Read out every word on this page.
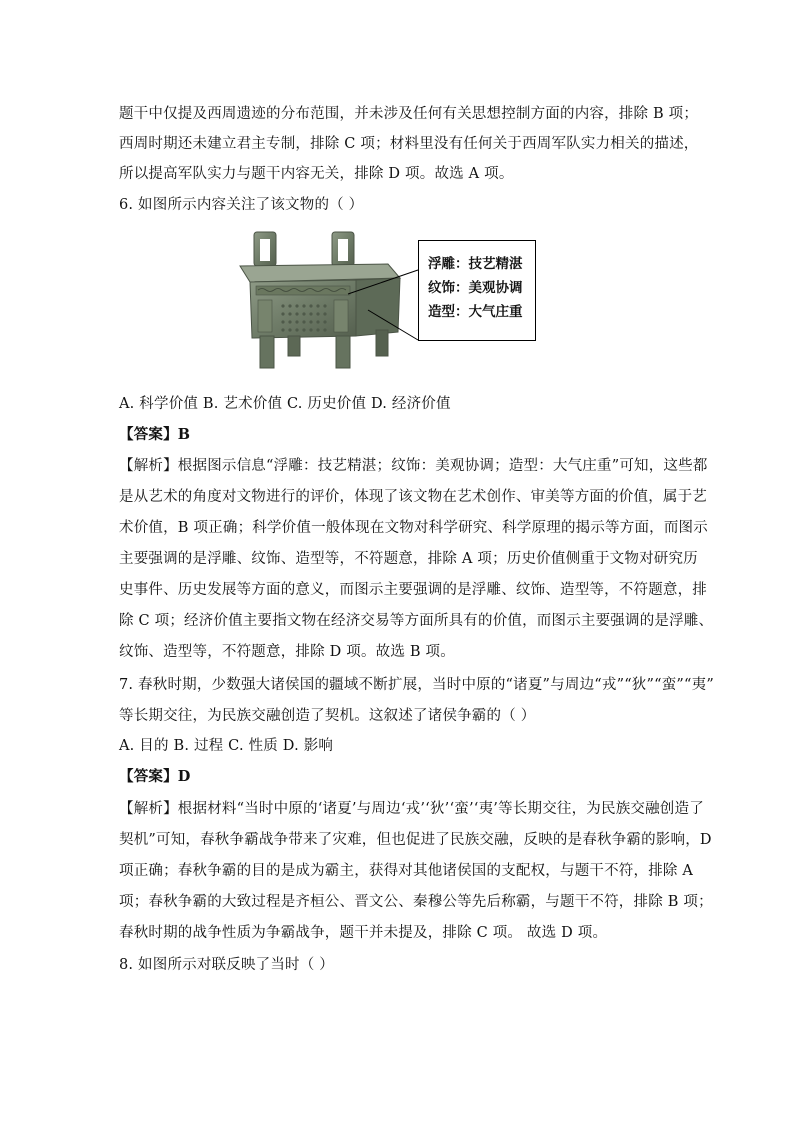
题干中仅提及西周遗迹的分布范围，并未涉及任何有关思想控制方面的内容，排除 B 项；
西周时期还未建立君主专制，排除 C 项；材料里没有任何关于西周军队实力相关的描述，
所以提高军队实力与题干内容无关，排除 D 项。故选 A 项。
6. 如图所示内容关注了该文物的（ ）
浮雕：技艺精湛
纹饰：美观协调
造型：大气庄重
A. 科学价值 B. 艺术价值 C. 历史价值 D. 经济价值
【答案】B
【解析】根据图示信息“浮雕：技艺精湛；纹饰：美观协调；造型：大气庄重”可知，这些都
是从艺术的角度对文物进行的评价，体现了该文物在艺术创作、审美等方面的价值，属于艺
术价值，B 项正确；科学价值一般体现在文物对科学研究、科学原理的揭示等方面，而图示
主要强调的是浮雕、纹饰、造型等，不符题意，排除 A 项；历史价值侧重于文物对研究历
史事件、历史发展等方面的意义，而图示主要强调的是浮雕、纹饰、造型等，不符题意，排
除 C 项；经济价值主要指文物在经济交易等方面所具有的价值，而图示主要强调的是浮雕、
纹饰、造型等，不符题意，排除 D 项。故选 B 项。
7. 春秋时期，少数强大诸侯国的疆域不断扩展，当时中原的“诸夏”与周边“戎”“狄”“蛮”“夷”
等长期交往，为民族交融创造了契机。这叙述了诸侯争霸的（ ）
A. 目的 B. 过程 C. 性质 D. 影响
【答案】D
【解析】根据材料“当时中原的‘诸夏’与周边‘戎’‘狄’‘蛮’‘夷’等长期交往，为民族交融创造了
契机”可知，春秋争霸战争带来了灾难，但也促进了民族交融，反映的是春秋争霸的影响，D
项正确；春秋争霸的目的是成为霸主，获得对其他诸侯国的支配权，与题干不符，排除 A
项；春秋争霸的大致过程是齐桓公、晋文公、秦穆公等先后称霸，与题干不符，排除 B 项；
春秋时期的战争性质为争霸战争，题干并未提及，排除 C 项。 故选 D 项。
8. 如图所示对联反映了当时（ ）
